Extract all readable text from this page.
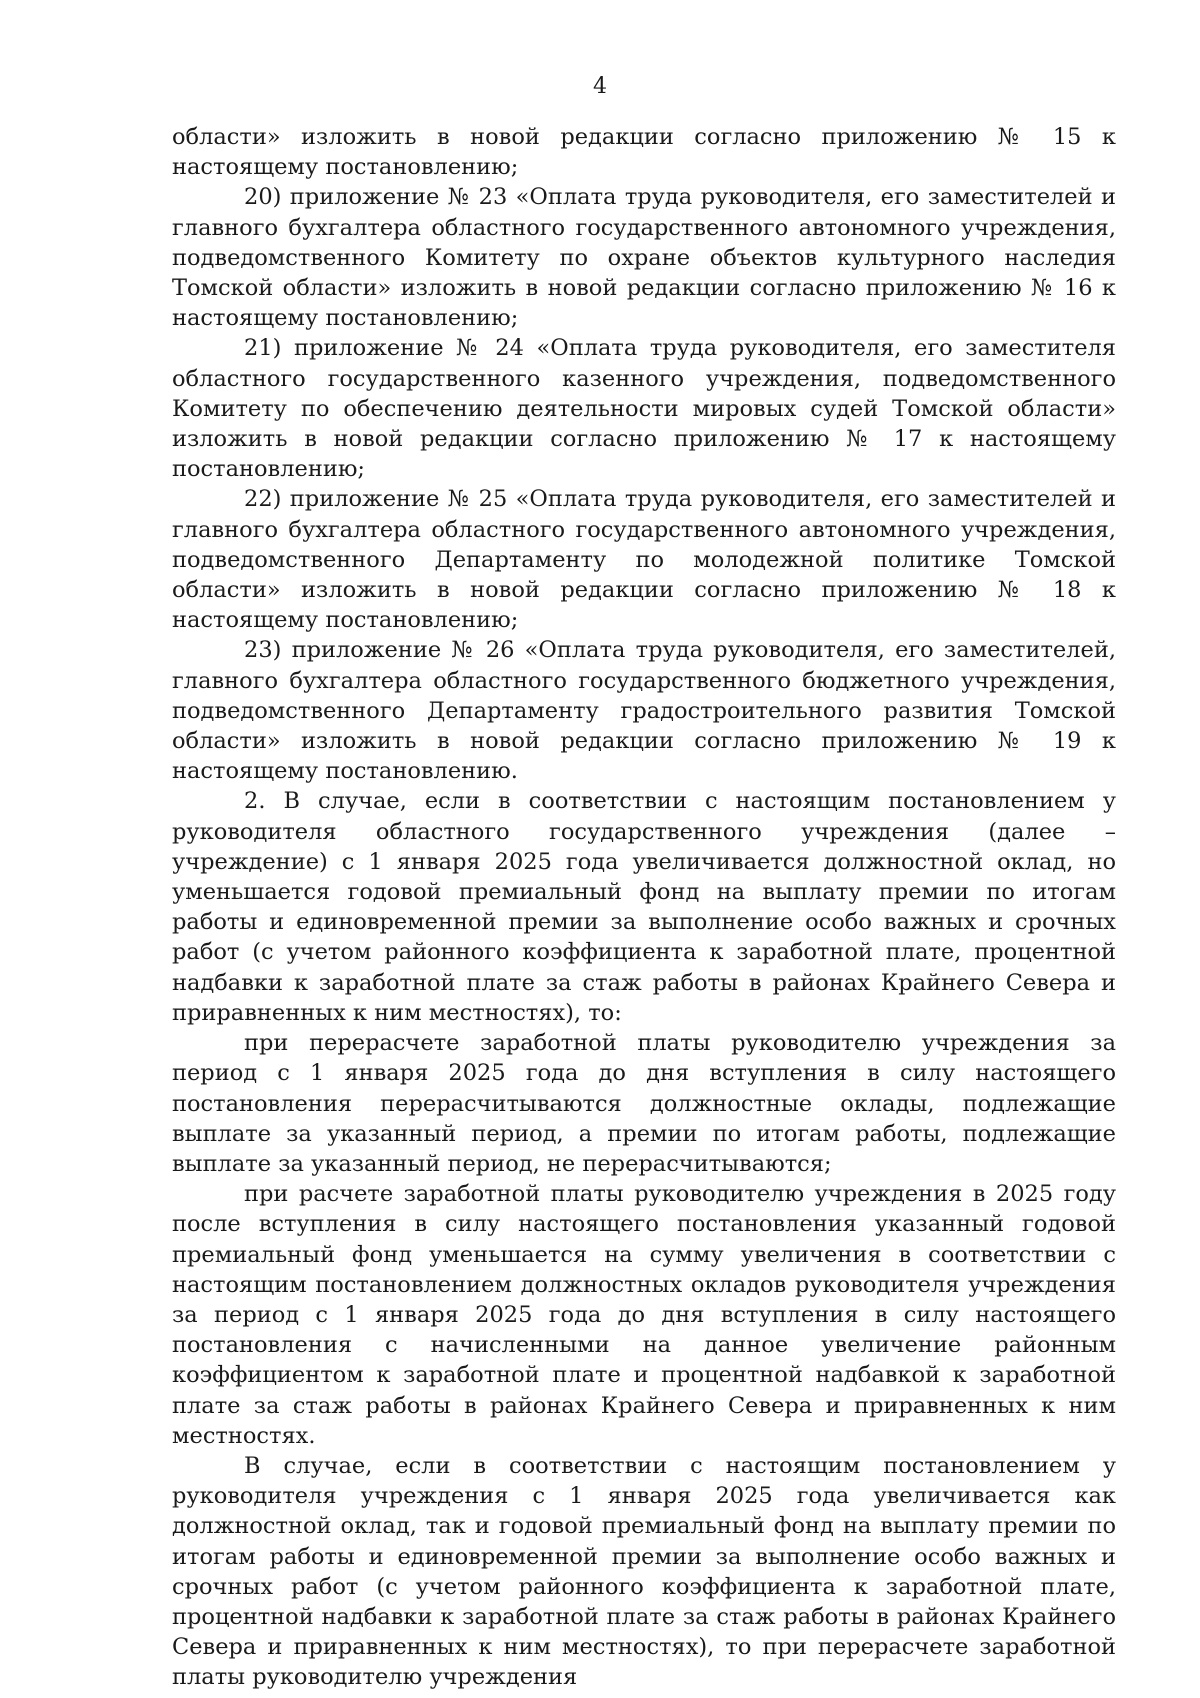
4

области» изложить в новой редакции согласно приложению № 15 к настоящему постановлению;

20) приложение № 23 «Оплата труда руководителя, его заместителей и главного бухгалтера областного государственного автономного учреждения, подведомственного Комитету по охране объектов культурного наследия Томской области» изложить в новой редакции согласно приложению № 16 к настоящему постановлению;

21) приложение № 24 «Оплата труда руководителя, его заместителя областного государственного казенного учреждения, подведомственного Комитету по обеспечению деятельности мировых судей Томской области» изложить в новой редакции согласно приложению № 17 к настоящему постановлению;

22) приложение № 25 «Оплата труда руководителя, его заместителей и главного бухгалтера областного государственного автономного учреждения, подведомственного Департаменту по молодежной политике Томской области» изложить в новой редакции согласно приложению № 18 к настоящему постановлению;

23) приложение № 26 «Оплата труда руководителя, его заместителей, главного бухгалтера областного государственного бюджетного учреждения, подведомственного Департаменту градостроительного развития Томской области» изложить в новой редакции согласно приложению № 19 к настоящему постановлению.

2. В случае, если в соответствии с настоящим постановлением у руководителя областного государственного учреждения (далее – учреждение) с 1 января 2025 года увеличивается должностной оклад, но уменьшается годовой премиальный фонд на выплату премии по итогам работы и единовременной премии за выполнение особо важных и срочных работ (с учетом районного коэффициента к заработной плате, процентной надбавки к заработной плате за стаж работы в районах Крайнего Севера и приравненных к ним местностях), то:

при перерасчете заработной платы руководителю учреждения за период с 1 января 2025 года до дня вступления в силу настоящего постановления перерасчитываются должностные оклады, подлежащие выплате за указанный период, а премии по итогам работы, подлежащие выплате за указанный период, не перерасчитываются;

при расчете заработной платы руководителю учреждения в 2025 году после вступления в силу настоящего постановления указанный годовой премиальный фонд уменьшается на сумму увеличения в соответствии с настоящим постановлением должностных окладов руководителя учреждения за период с 1 января 2025 года до дня вступления в силу настоящего постановления с начисленными на данное увеличение районным коэффициентом к заработной плате и процентной надбавкой к заработной плате за стаж работы в районах Крайнего Севера и приравненных к ним местностях.

В случае, если в соответствии с настоящим постановлением у руководителя учреждения с 1 января 2025 года увеличивается как должностной оклад, так и годовой премиальный фонд на выплату премии по итогам работы и единовременной премии за выполнение особо важных и срочных работ (с учетом районного коэффициента к заработной плате, процентной надбавки к заработной плате за стаж работы в районах Крайнего Севера и приравненных к ним местностях), то при перерасчете заработной платы руководителю учреждения
